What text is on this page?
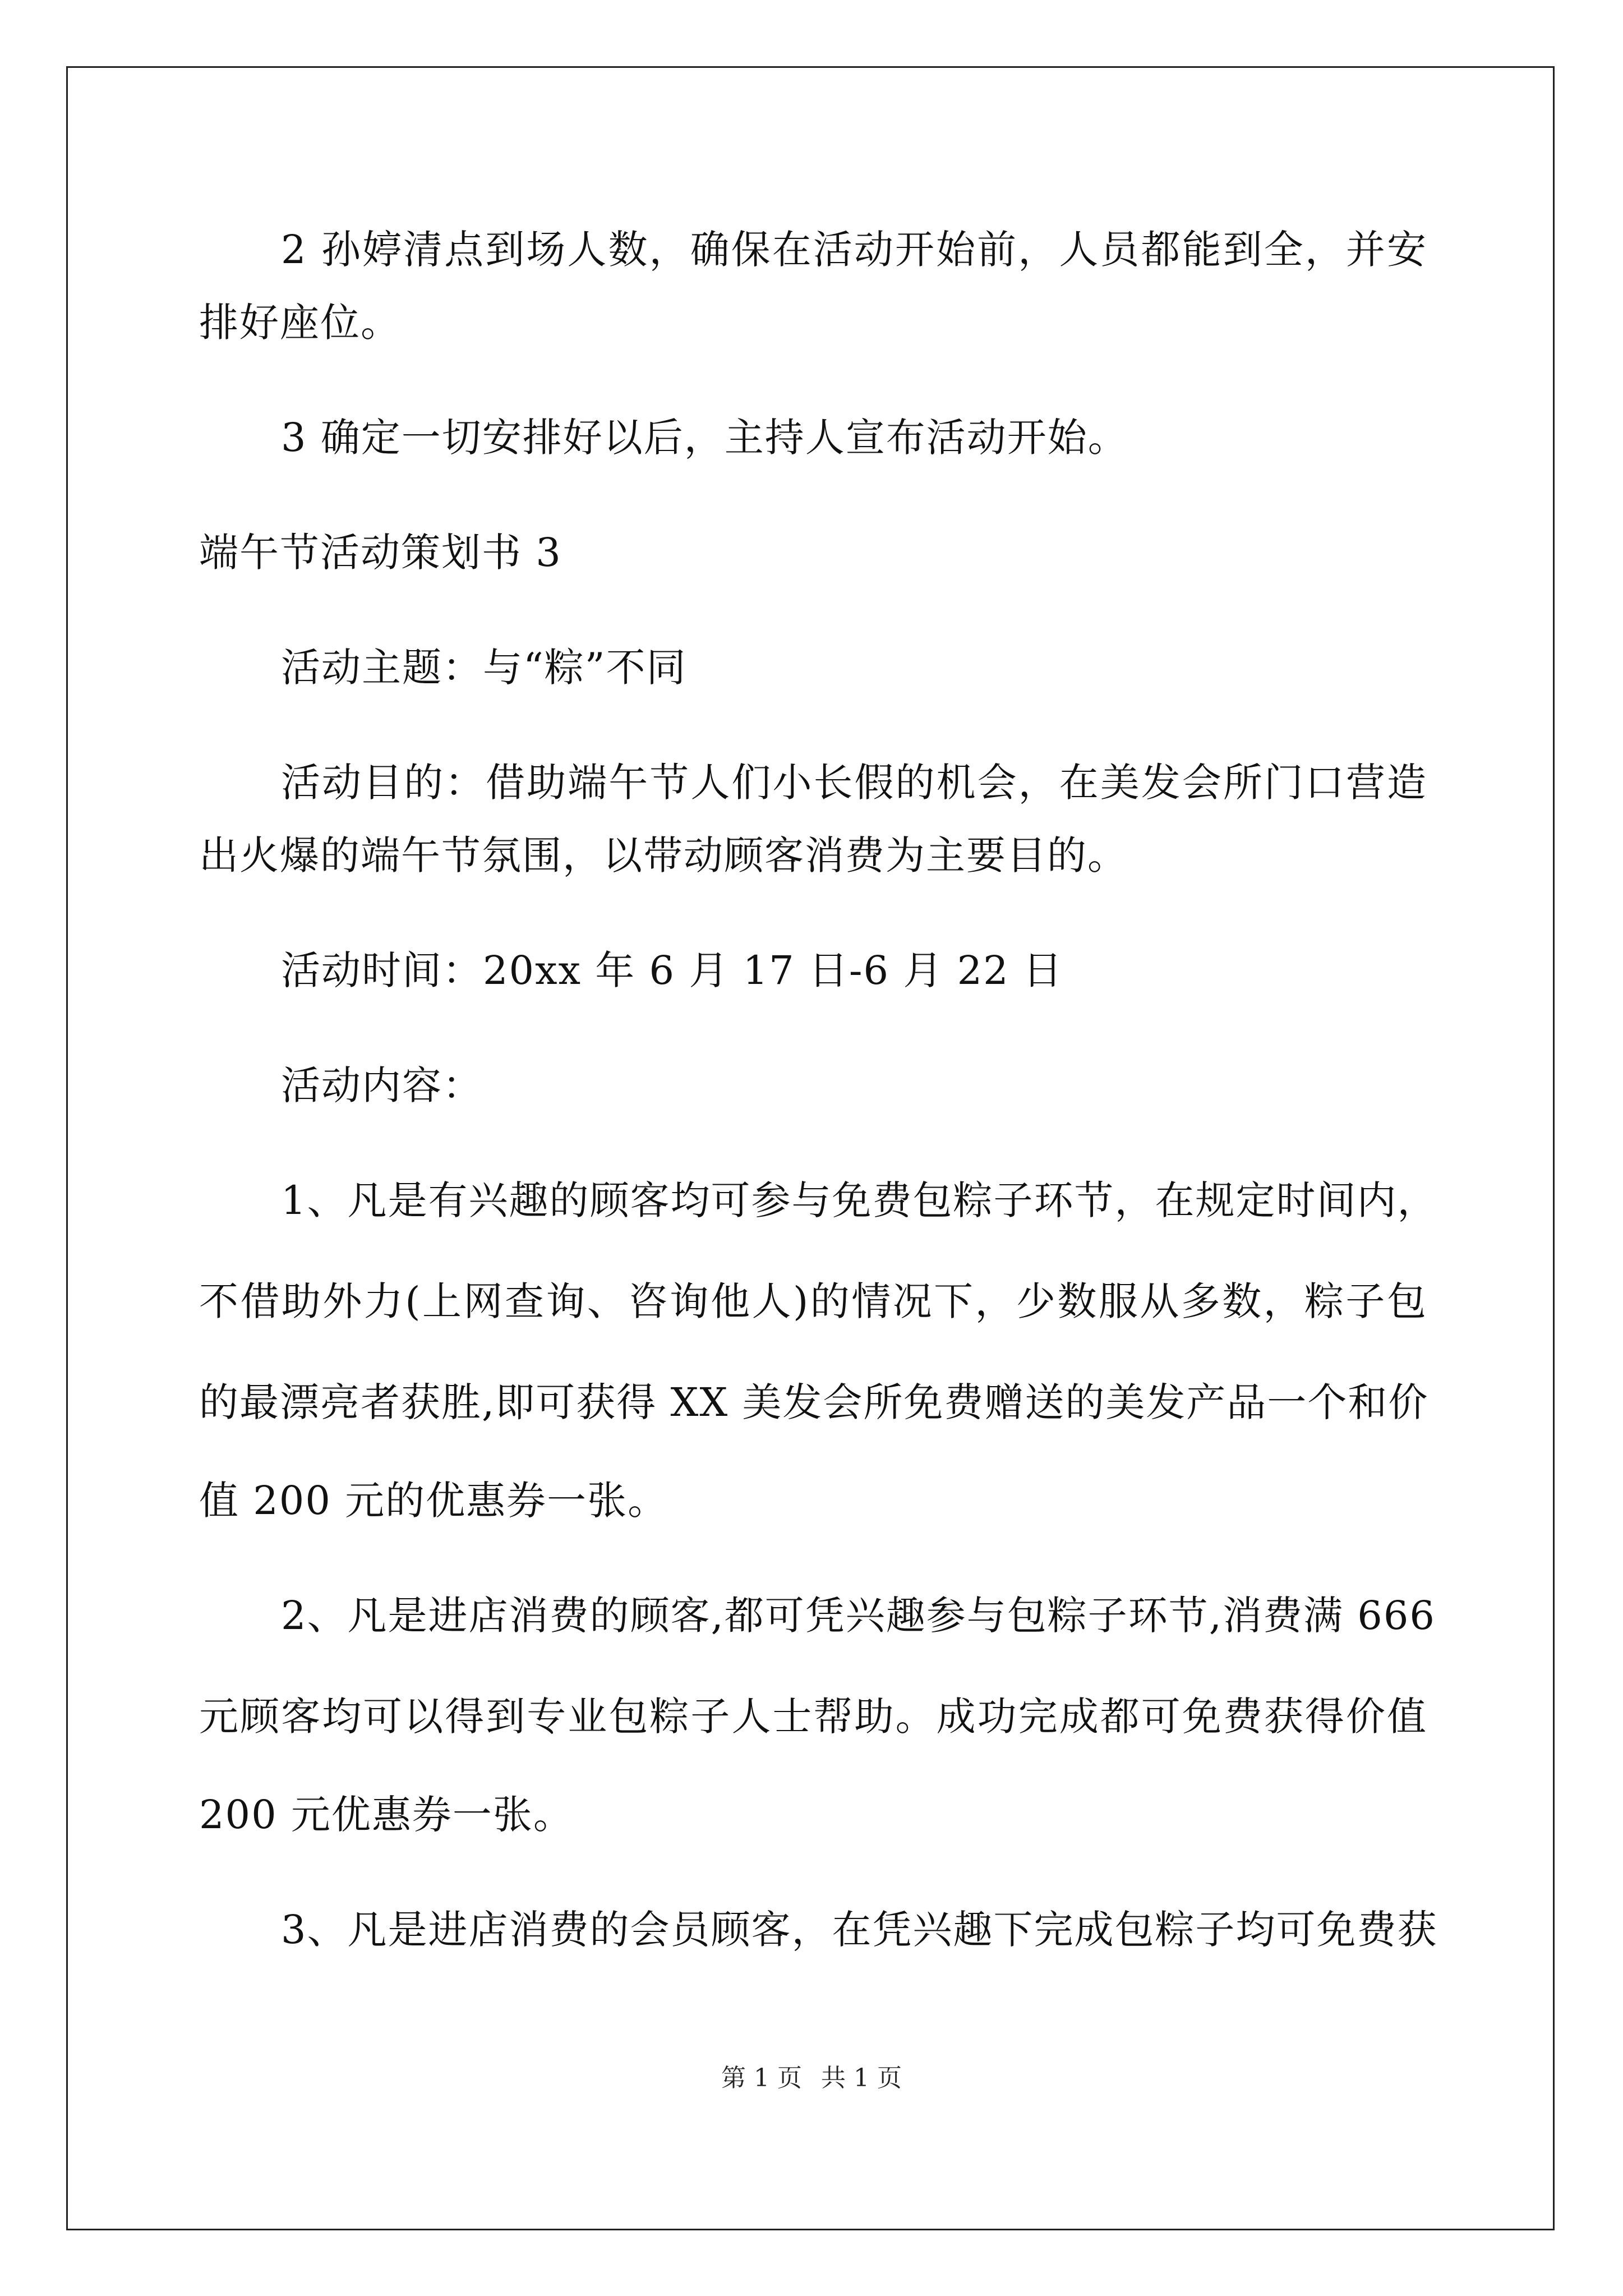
2 孙婷清点到场人数，确保在活动开始前，人员都能到全，并安
排好座位。
3 确定一切安排好以后，主持人宣布活动开始。
端午节活动策划书 3
活动主题：与“粽”不同
活动目的：借助端午节人们小长假的机会，在美发会所门口营造
出火爆的端午节氛围，以带动顾客消费为主要目的。
活动时间：20xx 年 6 月 17 日-6 月 22 日
活动内容：
1、凡是有兴趣的顾客均可参与免费包粽子环节，在规定时间内，
不借助外力(上网查询、咨询他人)的情况下，少数服从多数，粽子包
的最漂亮者获胜,即可获得 XX 美发会所免费赠送的美发产品一个和价
值 200 元的优惠券一张。
2、凡是进店消费的顾客,都可凭兴趣参与包粽子环节,消费满 666
元顾客均可以得到专业包粽子人士帮助。成功完成都可免费获得价值
200 元优惠券一张。
3、凡是进店消费的会员顾客，在凭兴趣下完成包粽子均可免费获
第 1 页 共 1 页
